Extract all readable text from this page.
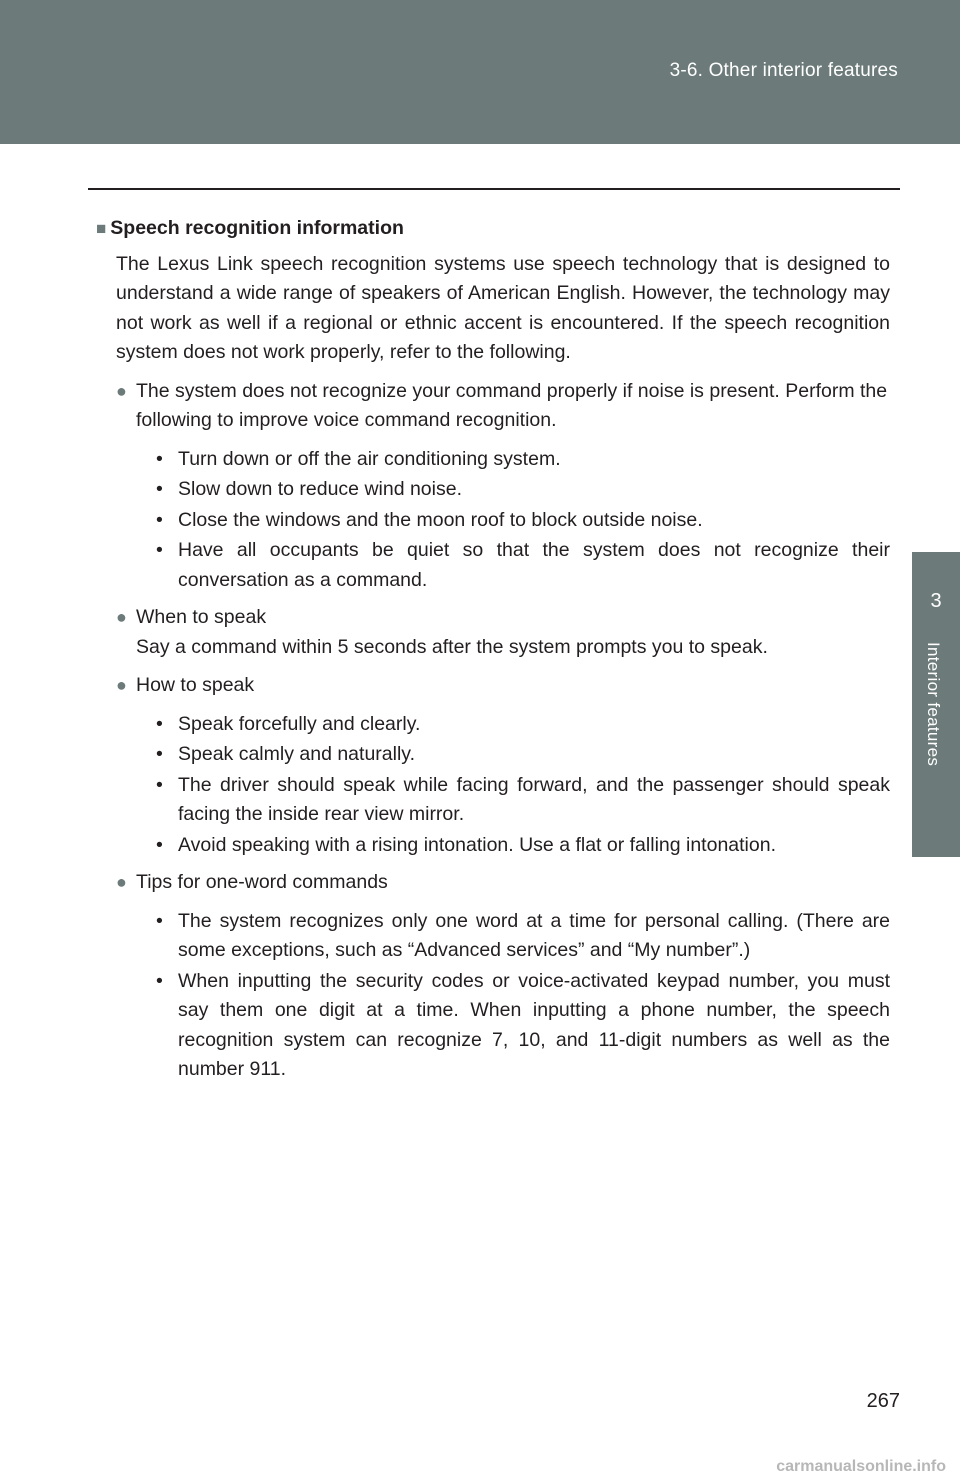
3-6. Other interior features
3
Interior features
■ Speech recognition information

The Lexus Link speech recognition systems use speech technology that is designed to understand a wide range of speakers of American English. However, the technology may not work as well if a regional or ethnic accent is encountered. If the speech recognition system does not work properly, refer to the following.

● The system does not recognize your command properly if noise is present. Perform the following to improve voice command recognition.
• Turn down or off the air conditioning system.
• Slow down to reduce wind noise.
• Close the windows and the moon roof to block outside noise.
• Have all occupants be quiet so that the system does not recognize their conversation as a command.
● When to speak
Say a command within 5 seconds after the system prompts you to speak.
● How to speak
• Speak forcefully and clearly.
• Speak calmly and naturally.
• The driver should speak while facing forward, and the passenger should speak facing the inside rear view mirror.
• Avoid speaking with a rising intonation. Use a flat or falling intonation.
● Tips for one-word commands
• The system recognizes only one word at a time for personal calling. (There are some exceptions, such as “Advanced services” and “My number”.)
• When inputting the security codes or voice-activated keypad number, you must say them one digit at a time. When inputting a phone number, the speech recognition system can recognize 7, 10, and 11-digit numbers as well as the number 911.
267
carmanualsonline.info
